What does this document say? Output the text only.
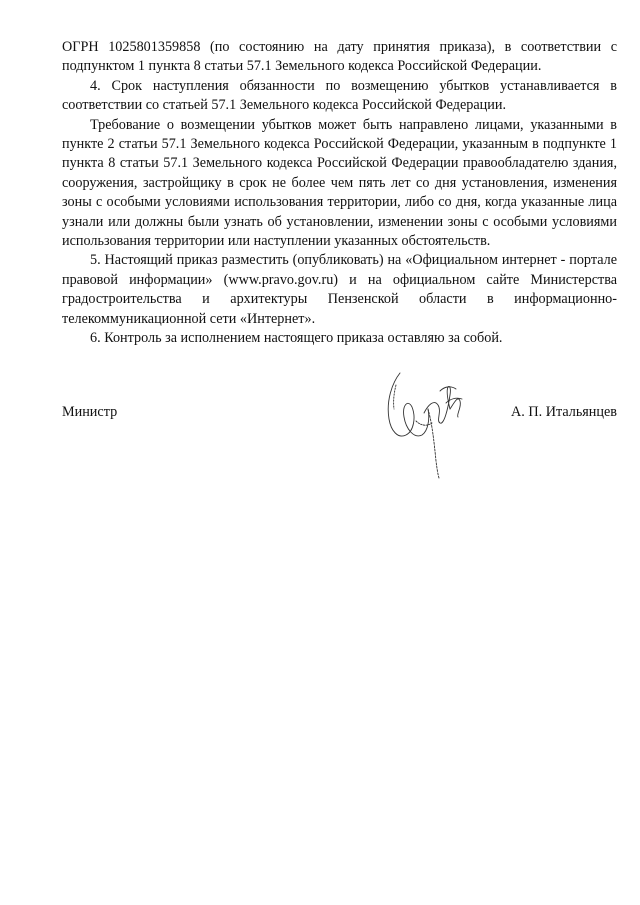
ОГРН 1025801359858 (по состоянию на дату принятия приказа), в соответствии с подпунктом 1 пункта 8 статьи 57.1 Земельного кодекса Российской Федерации.

4. Срок наступления обязанности по возмещению убытков устанавливается в соответствии со статьей 57.1 Земельного кодекса Российской Федерации.

Требование о возмещении убытков может быть направлено лицами, указанными в пункте 2 статьи 57.1 Земельного кодекса Российской Федерации, указанным в подпункте 1 пункта 8 статьи 57.1 Земельного кодекса Российской Федерации правообладателю здания, сооружения, застройщику в срок не более чем пять лет со дня установления, изменения зоны с особыми условиями использования территории, либо со дня, когда указанные лица узнали или должны были узнать об установлении, изменении зоны с особыми условиями использования территории или наступлении указанных обстоятельств.

5. Настоящий приказ разместить (опубликовать) на «Официальном интернет - портале правовой информации» (www.pravo.gov.ru) и на официальном сайте Министерства градостроительства и архитектуры Пензенской области в информационно-телекоммуникационной сети «Интернет».

6. Контроль за исполнением настоящего приказа оставляю за собой.

Министр	А. П. Итальянцев
